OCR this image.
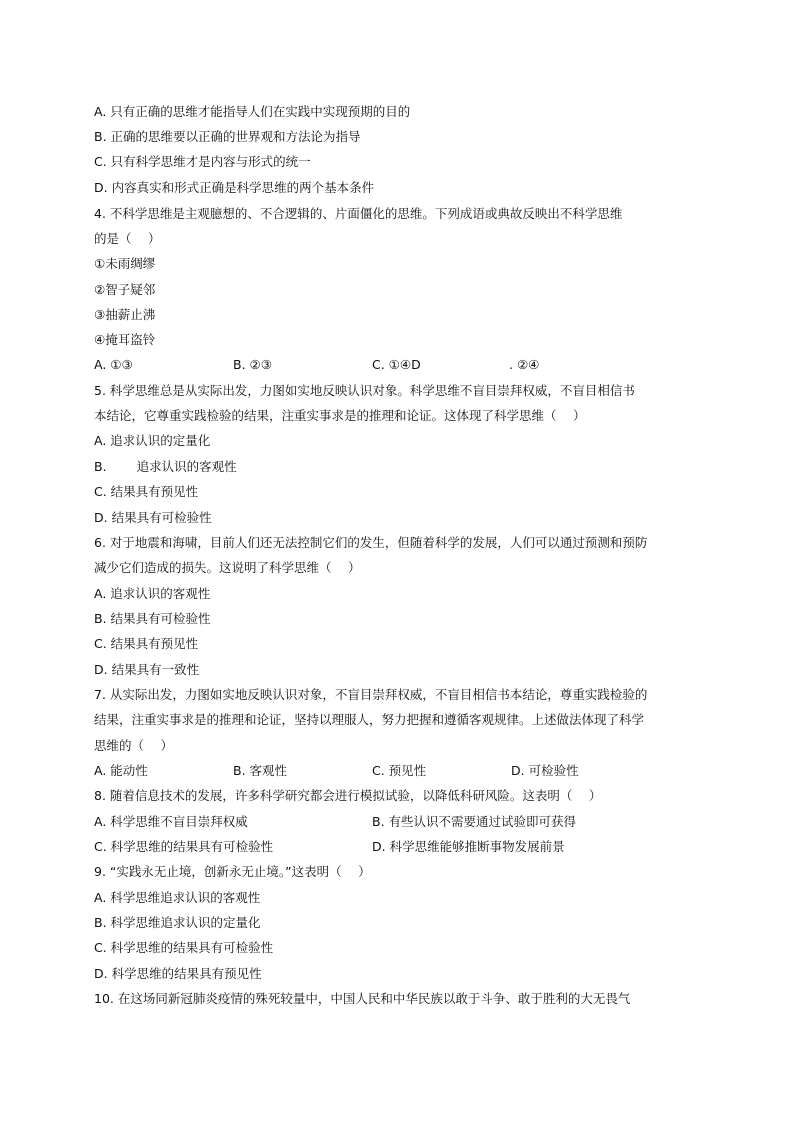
A. 只有正确的思维才能指导人们在实践中实现预期的目的
B. 正确的思维要以正确的世界观和方法论为指导
C. 只有科学思维才是内容与形式的统一
D. 内容真实和形式正确是科学思维的两个基本条件
4. 不科学思维是主观臆想的、不合逻辑的、片面僵化的思维。下列成语或典故反映出不科学思维
的是（　 ）
①未雨绸缪
②智子疑邻
③抽薪止沸
④掩耳盗铃
A. ①③	B. ②③	C. ①④D	. ②④
5. 科学思维总是从实际出发，力图如实地反映认识对象。科学思维不盲目崇拜权威，不盲目相信书
本结论，它尊重实践检验的结果，注重实事求是的推理和论证。这体现了科学思维（　 ）
A. 追求认识的定量化
B. 追求认识的客观性
C. 结果具有预见性
D. 结果具有可检验性
6. 对于地震和海啸，目前人们还无法控制它们的发生，但随着科学的发展，人们可以通过预测和预防
减少它们造成的损失。这说明了科学思维（　 ）
A. 追求认识的客观性
B. 结果具有可检验性
C. 结果具有预见性
D. 结果具有一致性
7. 从实际出发，力图如实地反映认识对象，不盲目崇拜权威，不盲目相信书本结论，尊重实践检验的
结果，注重实事求是的推理和论证，坚持以理服人，努力把握和遵循客观规律。上述做法体现了科学
思维的（　 ）
A. 能动性	B. 客观性	C. 预见性	D. 可检验性
8. 随着信息技术的发展，许多科学研究都会进行模拟试验，以降低科研风险。这表明（　 ）
A. 科学思维不盲目崇拜权威	B. 有些认识不需要通过试验即可获得
C. 科学思维的结果具有可检验性	D. 科学思维能够推断事物发展前景
9. “实践永无止境，创新永无止境。”这表明（　 ）
A. 科学思维追求认识的客观性
B. 科学思维追求认识的定量化
C. 科学思维的结果具有可检验性
D. 科学思维的结果具有预见性
10. 在这场同新冠肺炎疫情的殊死较量中，中国人民和中华民族以敢于斗争、敢于胜利的大无畏气
